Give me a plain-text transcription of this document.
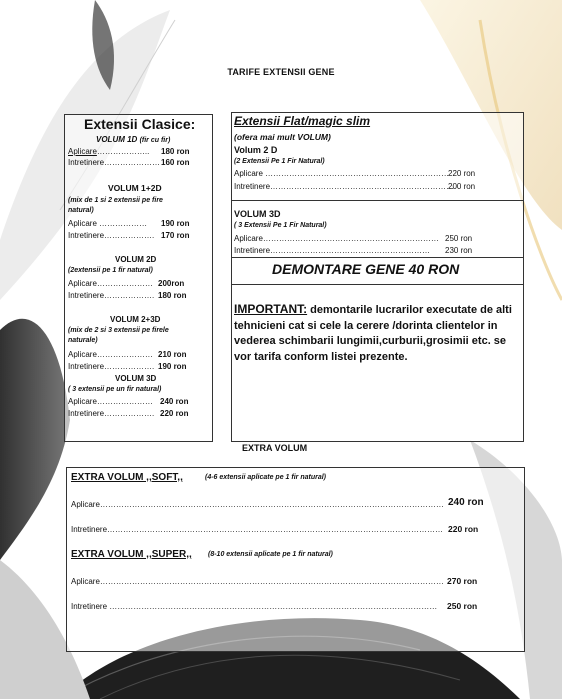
TARIFE EXTENSII GENE
Extensii Clasice:
VOLUM 1D (fir cu fir)
Aplicare……………….. 180 ron
Intretinere………………… 160 ron
VOLUM 1+2D
(mix de 1 si 2 extensii pe fire
natural)
Aplicare ……………… 190 ron
Intretinere………………. 170 ron
VOLUM 2D
(2extensii pe 1 fir natural)
Aplicare………………… 200ron
Intretinere………………. 180 ron
VOLUM 2+3D
(mix de 2 si 3 extensii pe firele
naturale)
Aplicare………………… 210 ron
Intretinere………………. 190 ron
VOLUM 3D
( 3 extensii pe un fir natural)
Aplicare………………… 240 ron
Intretinere………………. 220 ron
Extensii Flat/magic slim
(ofera mai mult VOLUM)
Volum 2 D
(2 Extensii Pe 1 Fir Natural)
Aplicare ……………………………………………………………
220 ron
Intretinere……………………………………………………………
200 ron
VOLUM 3D
( 3 Extensii Pe 1 Fir Natural)
Aplicare………………………………………………………… 250 ron
Intretinere…………………………………………………… 230 ron
DEMONTARE GENE 40 RON
IMPORTANT: demontarile lucrarilor executate de alti tehnicieni cat si cele la cerere /dorinta clientelor in vederea schimbarii lungimii,curburii,grosimii etc. se vor tarifa conform listei prezente.
EXTRA VOLUM
EXTRA VOLUM ,,SOFT,,	(4-6 extensii aplicate pe 1 fir natural)
Aplicare………………………………………………………………………………………………………………… 240 ron
Intretinere……………………………………………………………………………………………………………… 220 ron
EXTRA VOLUM ,,SUPER,, (8-10 extensii aplicate pe 1 fir natural)
Aplicare………………………………………………………………………………………………………………… 270 ron
Intretinere ……………………………………………………………………………………………………………	250 ron
